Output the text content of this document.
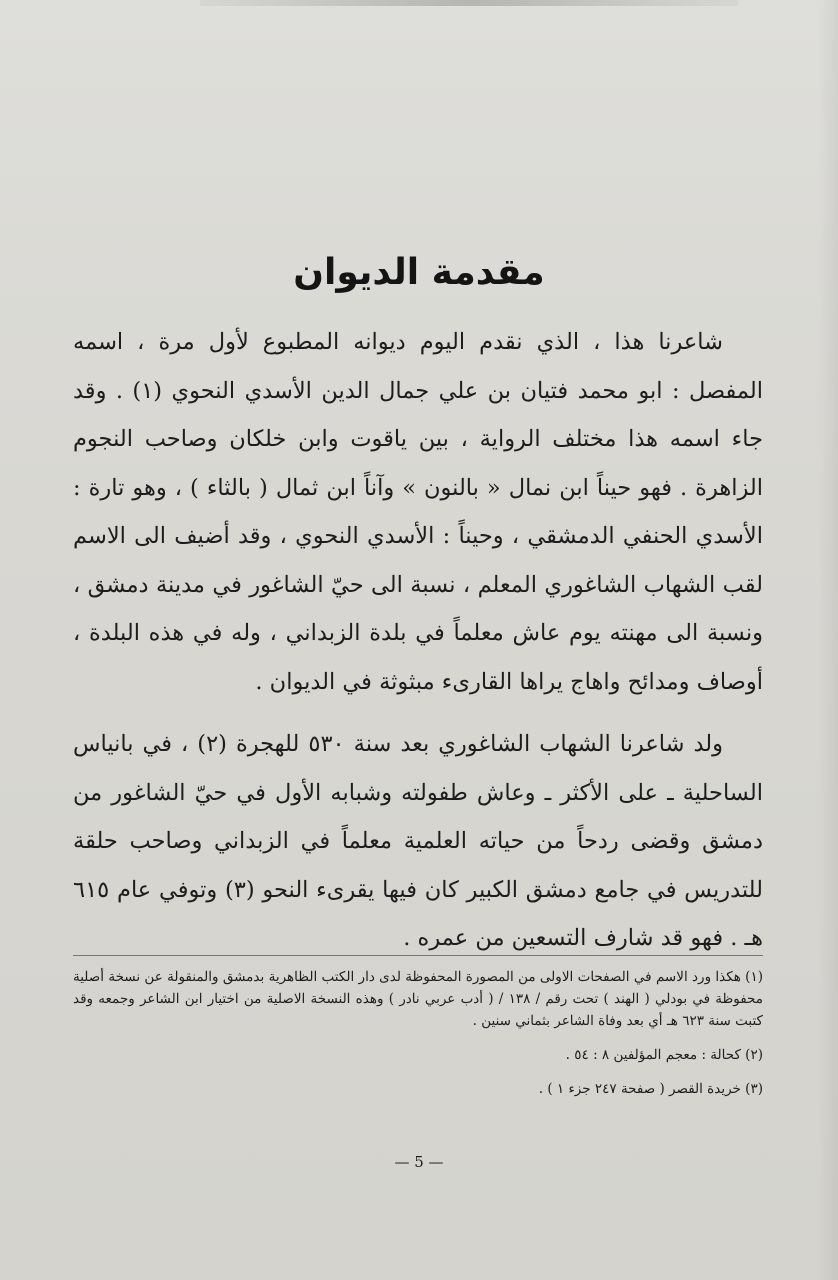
مقدمة الديوان

شاعرنا هذا ، الذي نقدم اليوم ديوانه المطبوع لأول مرة ، اسمه المفصل : ابو محمد فتيان بن علي جمال الدين الأسدي النحوي (١) . وقد جاء اسمه هذا مختلف الرواية ، بين ياقوت وابن خلكان وصاحب النجوم الزاهرة . فهو حيناً ابن نمال « بالنون » وآناً ابن ثمال ( بالثاء ) ، وهو تارة : الأسدي الحنفي الدمشقي ، وحيناً : الأسدي النحوي ، وقد أضيف الى الاسم لقب الشهاب الشاغوري المعلم ، نسبة الى حيّ الشاغور في مدينة دمشق ، ونسبة الى مهنته يوم عاش معلماً في بلدة الزبداني ، وله في هذه البلدة ، أوصاف ومدائح واهاج يراها القارىء مبثوثة في الديوان .

ولد شاعرنا الشهاب الشاغوري بعد سنة ٥٣٠ للهجرة (٢) ، في بانياس الساحلية ـ على الأكثر ـ وعاش طفولته وشبابه الأول في حيّ الشاغور من دمشق وقضى ردحاً من حياته العلمية معلماً في الزبداني وصاحب حلقة للتدريس في جامع دمشق الكبير كان فيها يقرىء النحو (٣) وتوفي عام ٦١٥ هـ . فهو قد شارف التسعين من عمره .

(١) هكذا ورد الاسم في الصفحات الاولى من المصورة المحفوظة لدى دار الكتب الظاهرية بدمشق والمنقولة عن نسخة أصلية محفوظة في بودلي ( الهند ) تحت رقم / ١٣٨ / ( أدب عربي نادر ) وهذه النسخة الاصلية من اختيار ابن الشاعر وجمعه وقد كتبت سنة ٦٢٣ هـ أي بعد وفاة الشاعر بثماني سنين .

(٢) كحالة : معجم المؤلفين ٨ : ٥٤ .

(٣) خريدة القصر ( صفحة ٢٤٧ جزء ١ ) .

— 5 —
